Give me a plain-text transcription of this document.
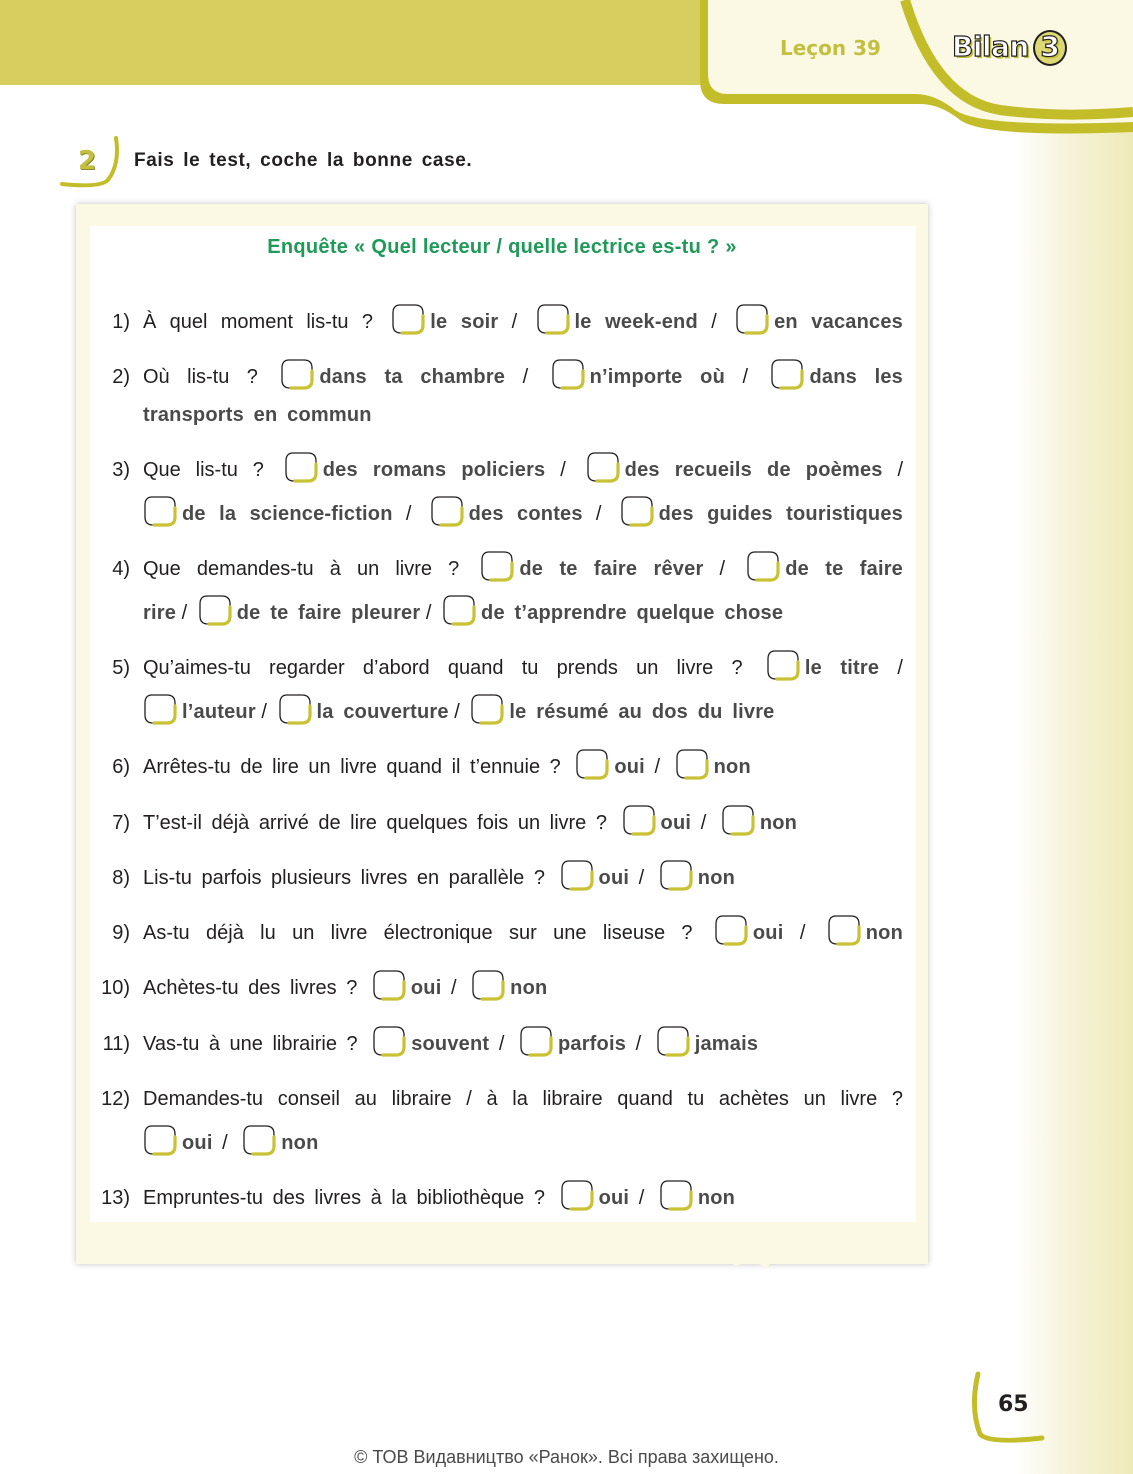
Leçon 39	Bilan 3
2 Fais le test, coche la bonne case.
Enquête « Quel lecteur / quelle lectrice es-tu ? »
1) À quel moment lis-tu ?	le soir /
le week-end /
en vacances
2) Où lis-tu ?	dans ta chambre /
n’importe où /
dans les
transports en commun
3) Que lis-tu ?	des romans policiers /
des recueils de poèmes /
de la science-fiction /
des contes /
des guides touristiques
4) Que demandes-tu à un livre ?	de te faire rêver /
de te faire
rire /
de te faire pleurer /
de t’apprendre quelque chose
5) Qu’aimes-tu regarder d’abord quand tu prends un livre ?	le titre /
l’auteur /
la couverture /
le résumé au dos du livre
6) Arrêtes-tu de lire un livre quand il t’ennuie ?	oui /
non
7) T’est-il déjà arrivé de lire quelques fois un livre ?	oui /
non
8) Lis-tu parfois plusieurs livres en parallèle ?	oui /
non
9) As-tu déjà lu un livre électronique sur une liseuse ?	oui /
non
10) Achètes-tu des livres ?	oui /
non
11) Vas-tu à une librairie ?	souvent /
parfois /
jamais
12) Demandes-tu conseil au libraire / à la libraire quand tu achètes un livre ?
oui /
non
13) Empruntes-tu des livres à la bibliothèque ?	oui /
non
65
© ТОВ Видавництво «Ранок». Всі права захищено.
